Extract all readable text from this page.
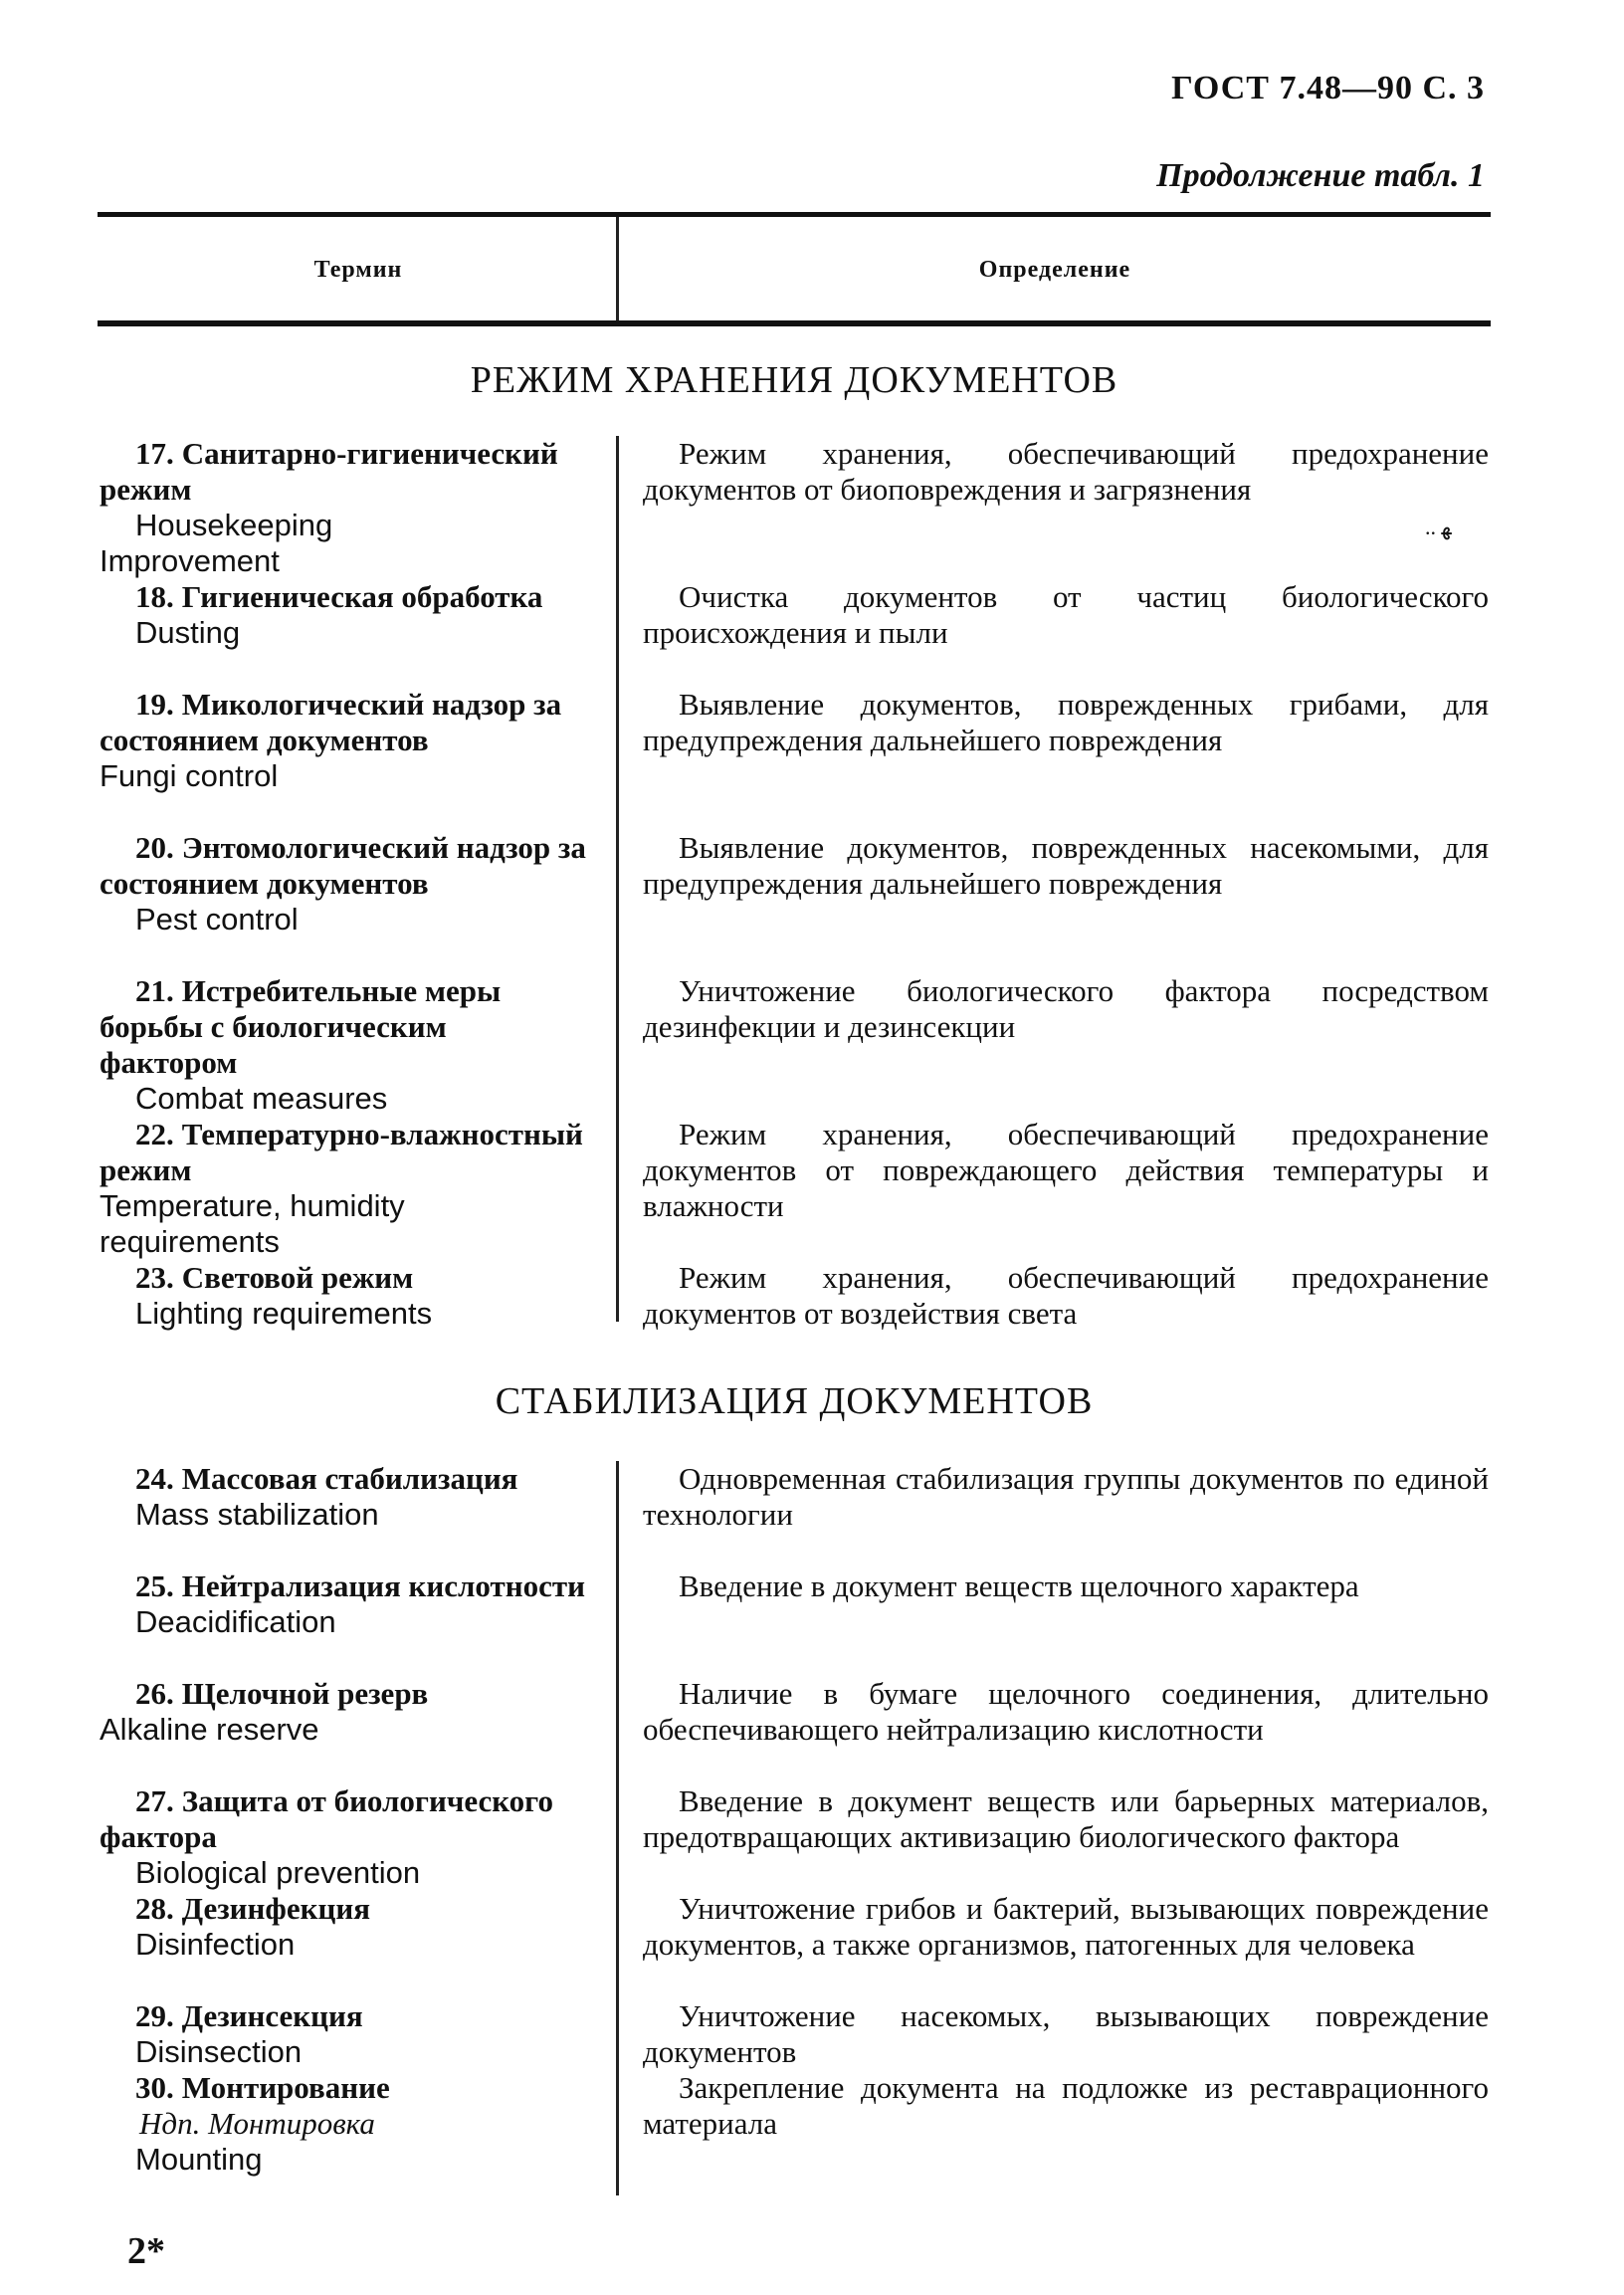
ГОСТ 7.48—90 С. 3
Продолжение табл. 1
Термин	Определение
РЕЖИМ ХРАНЕНИЯ ДОКУМЕНТОВ
17. Санитарно-гигиенический режим
Housekeeping
Improvement
Режим хранения, обеспечивающий предохранение документов от биоповреждения и загрязнения
.. ﻿ﻬ
18. Гигиеническая обработка
Dusting
Очистка документов от частиц биологического происхождения и пыли
19. Микологический надзор за состоянием документов
Fungi control
Выявление документов, поврежденных грибами, для предупреждения дальнейшего повреждения
20. Энтомологический надзор за состоянием документов
Pest control
Выявление документов, поврежденных насекомыми, для предупреждения дальнейшего повреждения
21. Истребительные меры борьбы с биологическим фактором
Combat measures
Уничтожение биологического фактора посредством дезинфекции и дезинсекции
22. Температурно-влажностный режим
Temperature, humidity requirements
Режим хранения, обеспечивающий предохранение документов от повреждающего действия температуры и влажности
23. Световой режим
Lighting requirements
Режим хранения, обеспечивающий предохранение документов от воздействия света
СТАБИЛИЗАЦИЯ ДОКУМЕНТОВ
24. Массовая стабилизация
Mass stabilization
Одновременная стабилизация группы документов по единой технологии
25. Нейтрализация кислотности
Deacidification
Введение в документ веществ щелочного характера
26. Щелочной резерв
Alkaline reserve
Наличие в бумаге щелочного соединения, длительно обеспечивающего нейтрализацию кислотности
27. Защита от биологического фактора
Biological prevention
Введение в документ веществ или барьерных материалов, предотвращающих активизацию биологического фактора
28. Дезинфекция
Disinfection
Уничтожение грибов и бактерий, вызывающих повреждение документов, а также организмов, патогенных для человека
29. Дезинсекция
Disinsection
Уничтожение насекомых, вызывающих повреждение документов
30. Монтирование
Ндп. Монтировка
Mounting
Закрепление документа на подложке из реставрационного материала
2*
